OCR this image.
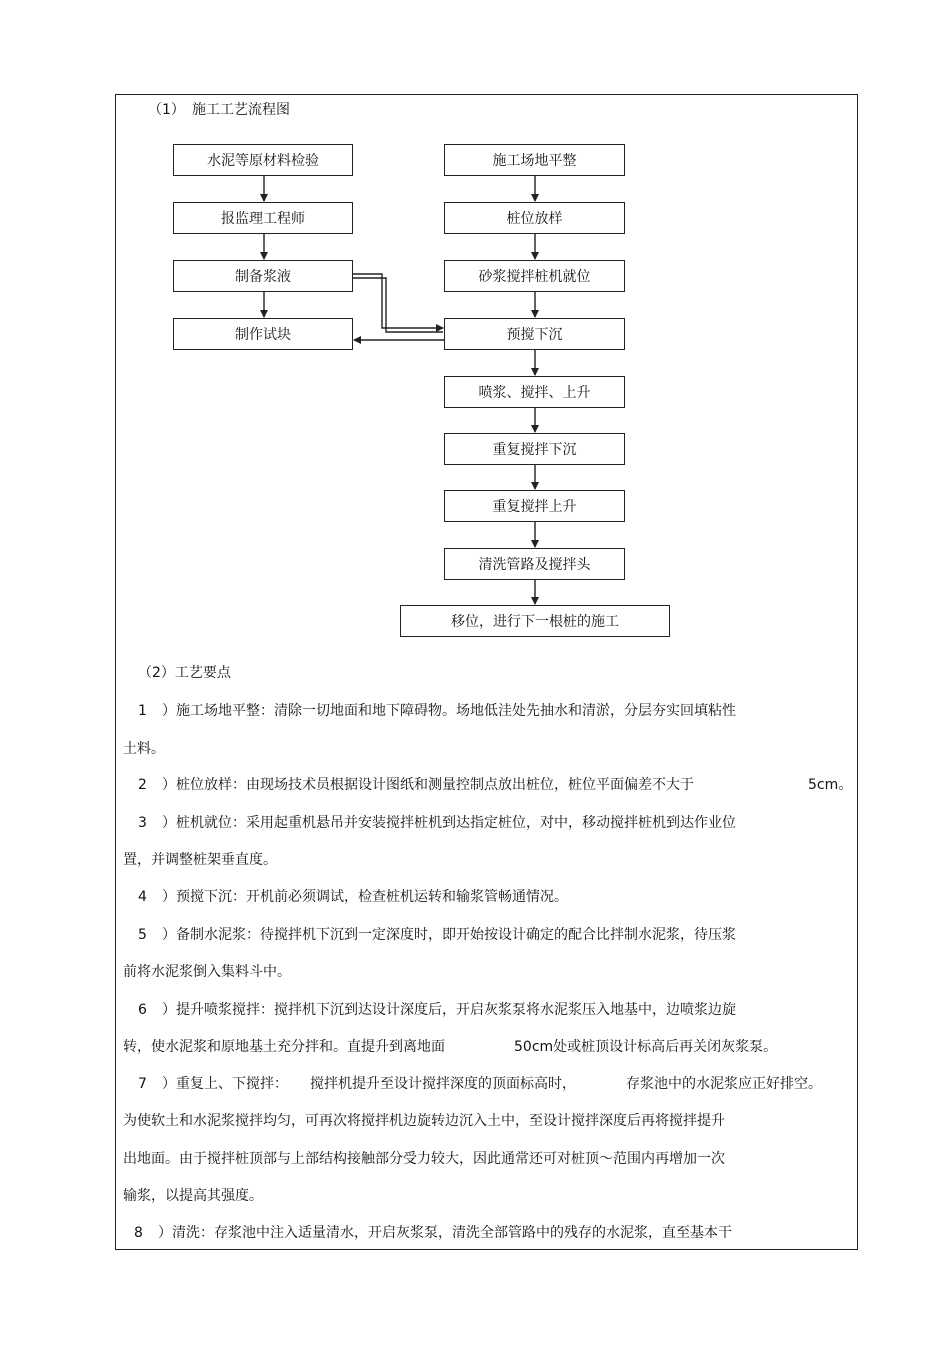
（1） 施工工艺流程图
水泥等原材料检验
报监理工程师
制备浆液
制作试块
施工场地平整
桩位放样
砂浆搅拌桩机就位
预搅下沉
喷浆、搅拌、上升
重复搅拌下沉
重复搅拌上升
清洗管路及搅拌头
移位，进行下一根桩的施工
（2）工艺要点
1 ）施工场地平整：清除一切地面和地下障碍物。场地低洼处先抽水和清淤，分层夯实回填粘性
土料。
2 ）桩位放样：由现场技术员根据设计图纸和测量控制点放出桩位，桩位平面偏差不大于	5cm。
3 ）桩机就位：采用起重机悬吊并安装搅拌桩机到达指定桩位，对中，移动搅拌桩机到达作业位
置，并调整桩架垂直度。
4 ）预搅下沉：开机前必须调试，检查桩机运转和输浆管畅通情况。
5 ）备制水泥浆：待搅拌机下沉到一定深度时，即开始按设计确定的配合比拌制水泥浆，待压浆
前将水泥浆倒入集料斗中。
6 ）提升喷浆搅拌：搅拌机下沉到达设计深度后，开启灰浆泵将水泥浆压入地基中，边喷浆边旋
转，使水泥浆和原地基土充分拌和。直提升到离地面	50cm处或桩顶设计标高后再关闭灰浆泵。
7 ）重复上、下搅拌： 搅拌机提升至设计搅拌深度的顶面标高时，	存浆池中的水泥浆应正好排空。
为使软土和水泥浆搅拌均匀，可再次将搅拌机边旋转边沉入土中，至设计搅拌深度后再将搅拌提升
出地面。由于搅拌桩顶部与上部结构接触部分受力较大，因此通常还可对桩顶～范围内再增加一次
输浆，以提高其强度。
8 ）清洗：存浆池中注入适量清水，开启灰浆泵，清洗全部管路中的残存的水泥浆，直至基本干
